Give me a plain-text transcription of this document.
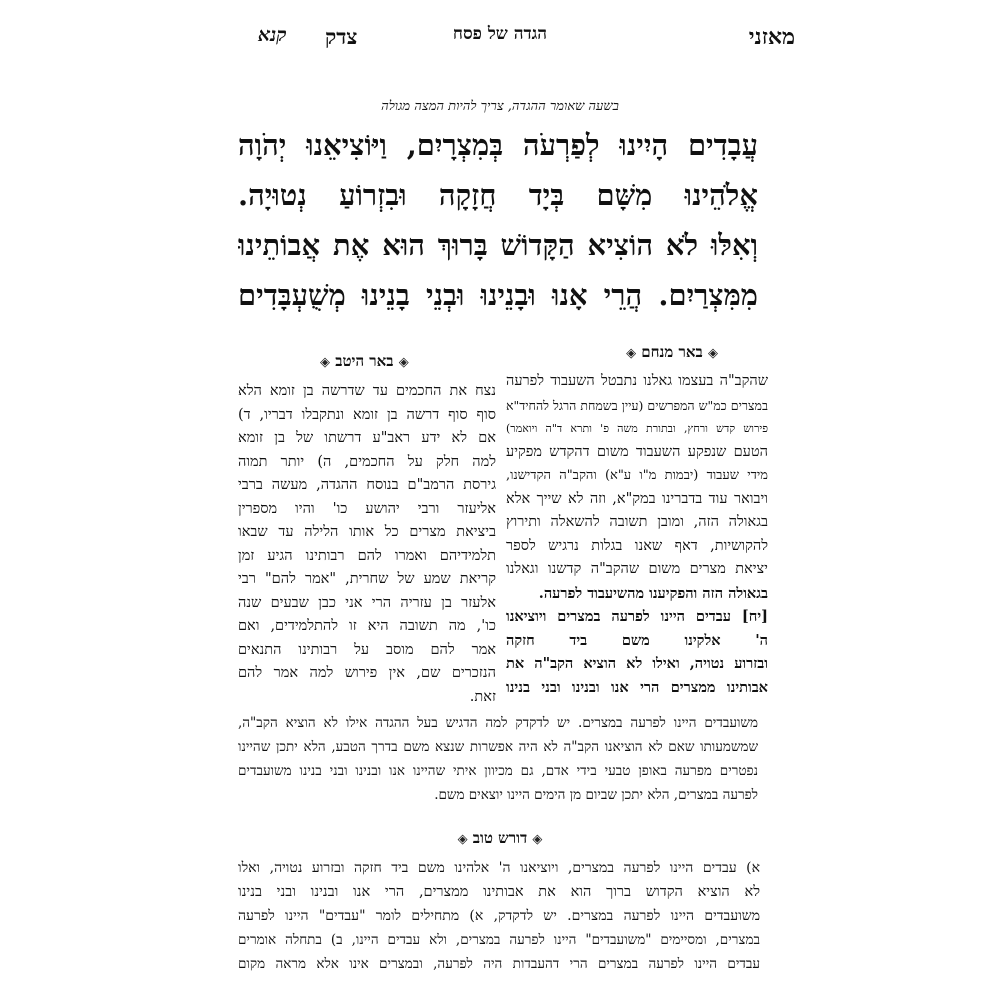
מאזני
הגדה של פסח
צדק
קנא
בשעה שאומר ההגדה, צריך להיות המצה מגולה
עֲבָדִים הָיִינוּ לְפַרְעֹה בְּמִצְרָיִם, וַיּוֹצִיאֵנוּ יְהֹוָה
אֱלֹהֵינוּ מִשָּׁם בְּיָד חֲזָקָה וּבִזְרוֹעַ נְטוּיָה.
וְאִלּוּ לֹא הוֹצִיא הַקָּדוֹשׁ בָּרוּךְ הוּא אֶת אֲבוֹתֵינוּ
מִמִּצְרַיִם. הֲרֵי אָנוּ וּבָנֵינוּ וּבְנֵי בָנֵינוּ מְשֻׁעְבָּדִים
◈ באר מנחם ◈
◈ באר היטב ◈
שהקב"ה בעצמו גאלנו נתבטל השעבוד לפרעה
במצרים כמ"ש המפרשים (עיין בשמחת הרגל להחיד"א
פירוש קדש ורחץ, ובתורת משה פ' ותרא ד"ה ויואמר)
הטעם שנפקע השעבוד משום דהקדש מפקיע
מידי שעבוד (יבמות מ"ו ע"א) והקב"ה הקדישנו,
ויבואר עוד בדברינו במק"א, וזה לא שייך אלא
בגאולה הזה, ומובן תשובה להשאלה ותירוץ
להקושיות, דאף שאנו בגלות נרגיש לספר
יציאת מצרים משום שהקב"ה קדשנו וגאלנו
בגאולה הזה והפקיענו מהשיעבוד לפרעה.
[יח] עבדים היינו לפרעה במצרים ויוציאנו
ה' אלקינו משם ביד חזקה
ובזרוע נטויה, ואילו לא הוציא הקב"ה את
אבותינו ממצרים הרי אנו ובנינו ובני בנינו
נצח את החכמים עד שדרשה בן זומא הלא
סוף סוף דרשה בן זומא ונתקבלו דבריו, ד)
אם לא ידע ראב"ע דרשתו של בן זומא
למה חלק על החכמים, ה) יותר תמוה
גירסת הרמב"ם בנוסח ההגדה, מעשה ברבי
אליעזר ורבי יהושע כו' והיו מספרין
ביציאת מצרים כל אותו הלילה עד שבאו
תלמידיהם ואמרו להם רבותינו הגיע זמן
קריאת שמע של שחרית, "אמר להם" רבי
אלעזר בן עזריה הרי אני כבן שבעים שנה
כו', מה תשובה היא זו להתלמידים, ואם
אמר להם מוסב על רבותינו התנאים
הנזכרים שם, אין פירוש למה אמר להם
זאת.
משועבדים היינו לפרעה במצרים. יש לדקדק למה הדגיש בעל ההגדה אילו לא הוציא הקב"ה,
שמשמעותו שאם לא הוציאנו הקב"ה לא היה אפשרות שנצא משם בדרך הטבע, הלא יתכן שהיינו
נפטרים מפרעה באופן טבעי בידי אדם, גם מכיוון איתי שהיינו אנו ובנינו ובני בנינו משועבדים
לפרעה במצרים, הלא יתכן שביום מן הימים היינו יוצאים משם.
◈ דורש טוב ◈
א) עבדים היינו לפרעה במצרים, ויוציאנו ה' אלהינו משם ביד חזקה ובזרוע נטויה, ואלו
לא הוציא הקדוש ברוך הוא את אבותינו ממצרים, הרי אנו ובנינו ובני בנינו
משועבדים היינו לפרעה במצרים. יש לדקדק, א) מתחילים לומר "עבדים" היינו לפרעה
במצרים, ומסיימים "משועבדים" היינו לפרעה במצרים, ולא עבדים היינו, ב) בתחלה אומרים
עבדים היינו לפרעה במצרים הרי דהעבדות היה לפרעה, ובמצרים אינו אלא מראה מקום
